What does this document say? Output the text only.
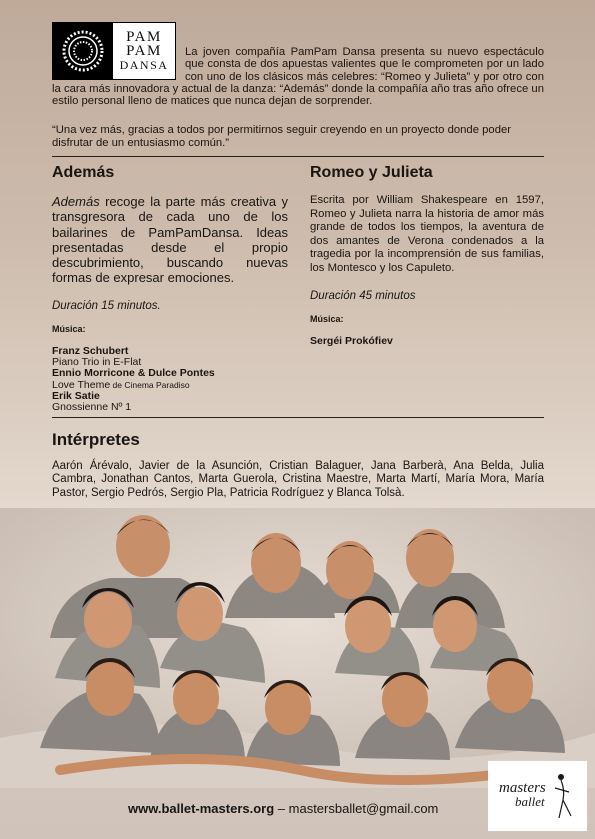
PAM
PAM
DANSA
La joven compañía PamPam Dansa presenta su nuevo espectáculo que consta de dos apuestas valientes que le comprometen por un lado con uno de los clásicos más celebres: “Romeo y Julieta” y por otro con la cara más innovadora y actual de la danza: “Además” donde la compañía año tras año ofrece un estilo personal lleno de matices que nunca dejan de sorprender.
“Una vez más, gracias a todos por permitirnos seguir creyendo en un proyecto donde poder disfrutar de un entusiasmo común.”
Además
Además recoge la parte más creativa y transgresora de cada uno de los bailarines de PamPamDansa. Ideas presentadas desde el propio descubrimiento, buscando nuevas formas de expresar emociones.
Duración 15 minutos.
Música:
Franz Schubert
Piano Trio in E-Flat
Ennio Morricone & Dulce Pontes
Love Theme de Cinema Paradiso
Erik Satie
Gnossienne Nº 1
Romeo y Julieta
Escrita por William Shakespeare en 1597, Romeo y Julieta narra la historia de amor más grande de todos los tiempos, la aventura de dos amantes de Verona condenados a la tragedia por la incomprensión de sus familias, los Montesco y los Capuleto.
Duración 45 minutos
Música:
Sergéi Prokófiev
Intérpretes
Aarón Árévalo, Javier de la Asunción, Cristian Balaguer, Jana Barberà, Ana Belda, Julia Cambra, Jonathan Cantos, Marta Guerola, Cristina Maestre, Marta Martí, María Mora, María Pastor, Sergio Pedrós, Sergio Pla, Patricia Rodríguez y Blanca Tolsà.
www.ballet-masters.org – mastersballet@gmail.com
masters
ballet
